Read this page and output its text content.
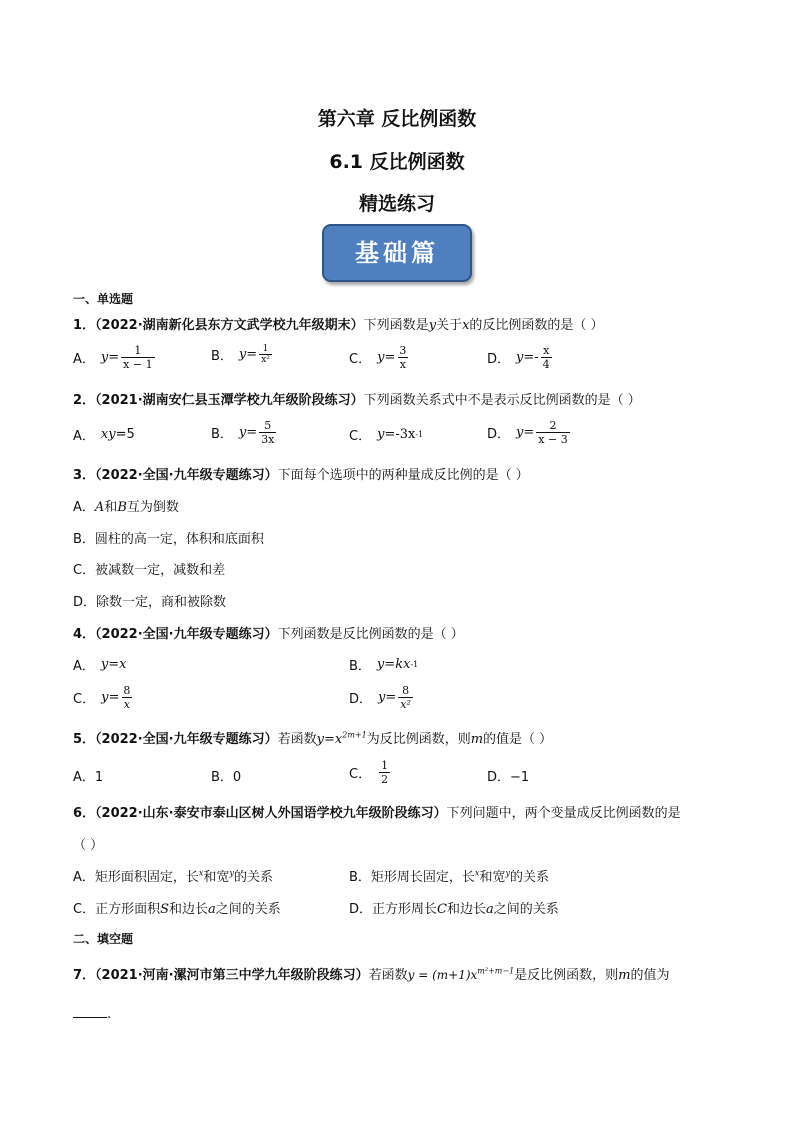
第六章 反比例函数
6.1 反比例函数
精选练习
基础篇
一、单选题
1．（2022·湖南新化县东方文武学校九年级期末）下列函数是y关于x的反比例函数的是（ ）
A． $y = \frac{1}{x - 1}$	B． $y = \frac{1}{\text{x²}}$	C． $y = \frac{3}{x}$	D． $y =- \frac{x}{4}$
2．（2021·湖南安仁县玉潭学校九年级阶段练习）下列函数关系式中不是表示反比例函数的是（ ）
A． xy =5	B． $y = \frac{5}{3x}$	C． y =-3x -1	D． $y = \frac{2}{x - 3}$
3．（2022·全国·九年级专题练习）下面每个选项中的两种量成反比例的是（ ）
A．A和B互为倒数
B．圆柱的高一定，体积和底面积
C．被减数一定，减数和差
D．除数一定，商和被除数
4．（2022·全国·九年级专题练习）下列函数是反比例函数的是（ ）
A． y = x	B． y = kx -1
C． $y = \frac{8}{x}$	D． $y = \frac{8}{\text{x²}}$
5．（2022·全国·九年级专题练习）若函数$y=x^{2m+1}$为反比例函数，则m的值是（ ）
A．1	B．0	C． $\frac{1}{2}$	D．−1
6．（2022·山东·泰安市泰山区树人外国语学校九年级阶段练习）下列问题中，两个变量成反比例函数的是
（ ）
A．矩形面积固定，长$^x$和宽$^y$的关系	B．矩形周长固定，长$^x$和宽$^y$的关系
C．正方形面积S和边长a之间的关系	D．正方形周长C和边长a之间的关系
二、填空题
7．（2021·河南·漯河市第三中学九年级阶段练习）若函数$y = (m+1)x^{m^2+m-1}$是反比例函数，则m的值为
.
